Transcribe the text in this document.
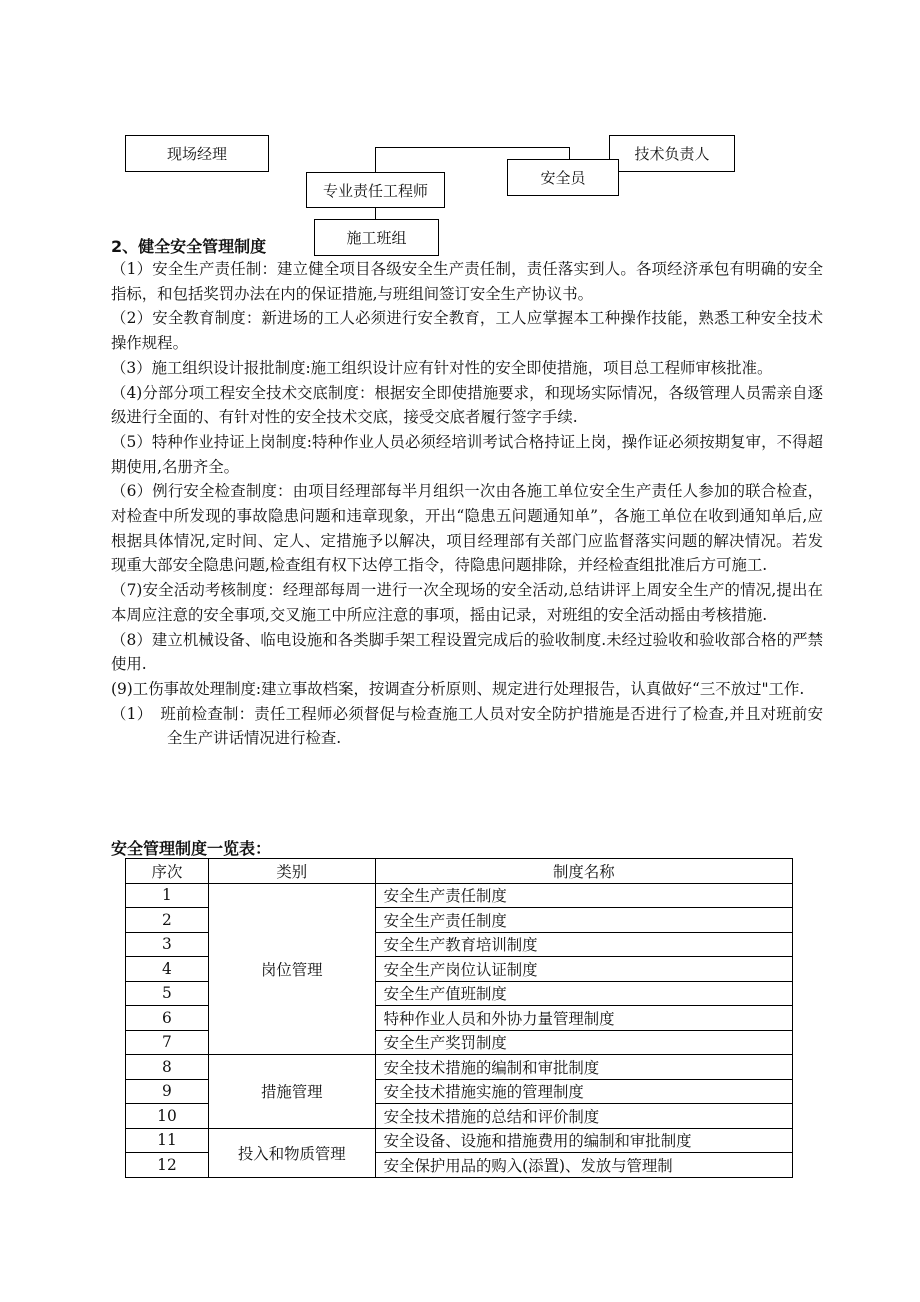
现场经理	技术负责人
安全员
专业责任工程师
施工班组
2、健全安全管理制度

（1）安全生产责任制：建立健全项目各级安全生产责任制，责任落实到人。各项经济承包有明确的安全指标，和包括奖罚办法在内的保证措施,与班组间签订安全生产协议书。

（2）安全教育制度：新进场的工人必须进行安全教育，工人应掌握本工种操作技能，熟悉工种安全技术操作规程。

（3）施工组织设计报批制度:施工组织设计应有针对性的安全即使措施，项目总工程师审核批准。

（4)分部分项工程安全技术交底制度：根据安全即使措施要求，和现场实际情况，各级管理人员需亲自逐级进行全面的、有针对性的安全技术交底，接受交底者履行签字手续.

（5）特种作业持证上岗制度:特种作业人员必须经培训考试合格持证上岗，操作证必须按期复审，不得超期使用,名册齐全。

（6）例行安全检查制度：由项目经理部每半月组织一次由各施工单位安全生产责任人参加的联合检查，对检查中所发现的事故隐患问题和违章现象，开出“隐患五问题通知单”，各施工单位在收到通知单后,应根据具体情况,定时间、定人、定措施予以解决，项目经理部有关部门应监督落实问题的解决情况。若发现重大部安全隐患问题,检查组有权下达停工指令，待隐患问题排除，并经检查组批准后方可施工.

（7)安全活动考核制度：经理部每周一进行一次全现场的安全活动,总结讲评上周安全生产的情况,提出在本周应注意的安全事项,交叉施工中所应注意的事项，摇由记录，对班组的安全活动摇由考核措施.

（8）建立机械设备、临电设施和各类脚手架工程设置完成后的验收制度.未经过验收和验收部合格的严禁使用.

(9)工伤事故处理制度:建立事故档案，按调查分析原则、规定进行处理报告，认真做好“三不放过"工作.

（1）　班前检查制：责任工程师必须督促与检查施工人员对安全防护措施是否进行了检查,并且对班前安全生产讲话情况进行检查.

安全管理制度一览表：
序次	类别	制度名称
1	岗位管理	安全生产责任制度
2		安全生产责任制度
3		安全生产教育培训制度
4		安全生产岗位认证制度
5		安全生产值班制度
6		特种作业人员和外协力量管理制度
7		安全生产奖罚制度
8	措施管理	安全技术措施的编制和审批制度
9		安全技术措施实施的管理制度
10		安全技术措施的总结和评价制度
11	投入和物质管理	安全设备、设施和措施费用的编制和审批制度
12		安全保护用品的购入(添置)、发放与管理制
